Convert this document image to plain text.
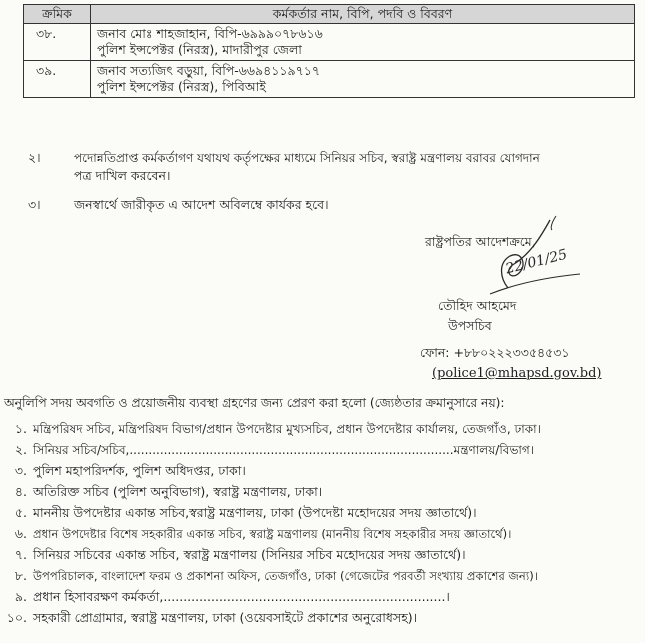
ক্রমিক	কর্মকর্তার নাম, বিপি, পদবি ও বিবরণ
৩৮.	জনাব মোঃ শাহজাহান, বিপি-৬৯৯৯০৭৮৬১৬
পুলিশ ইন্সপেক্টর (নিরস্ত্র), মাদারীপুর জেলা

৩৯.	জনাব সত্যজিৎ বড়ুয়া, বিপি-৬৬৯৪১১৯৭১৭
পুলিশ ইন্সপেক্টর (নিরস্ত্র), পিবিআই
২।	পদোন্নতিপ্রাপ্ত কর্মকর্তাগণ যথাযথ কর্তৃপক্ষের মাধ্যমে সিনিয়র সচিব, স্বরাষ্ট্র মন্ত্রণালয় বরাবর যোগদান
পত্র দাখিল করবেন।
৩।	জনস্বার্থে জারীকৃত এ আদেশ অবিলম্বে কার্যকর হবে।
রাষ্ট্রপতির আদেশক্রমে,
22/01/25
তৌহিদ আহমেদ
উপসচিব
ফোন: +৮৮০২২২৩৩৫৪৫৩১
(police1@mhapsd.gov.bd)
অনুলিপি সদয় অবগতি ও প্রয়োজনীয় ব্যবস্থা গ্রহণের জন্য প্রেরণ করা হলো (জ্যেষ্ঠতার ক্রমানুসারে নয়):
১. মন্ত্রিপরিষদ সচিব, মন্ত্রিপরিষদ বিভাগ/প্রধান উপদেষ্টার মুখ্যসচিব, প্রধান উপদেষ্টার কার্যালয়, তেজগাঁও, ঢাকা।
২. সিনিয়র সচিব/সচিব,.....................................................................................মন্ত্রণালয়/বিভাগ।
৩. পুলিশ মহাপরিদর্শক, পুলিশ অধিদপ্তর, ঢাকা।
৪. অতিরিক্ত সচিব (পুলিশ অনুবিভাগ), স্বরাষ্ট্র মন্ত্রণালয়, ঢাকা।
৫. মাননীয় উপদেষ্টার একান্ত সচিব,স্বরাষ্ট্র মন্ত্রণালয়, ঢাকা (উপদেষ্টা মহোদয়ের সদয় জ্ঞাতার্থে)।
৬. প্রধান উপদেষ্টার বিশেষ সহকারীর একান্ত সচিব, স্বরাষ্ট্র মন্ত্রণালয় (মাননীয় বিশেষ সহকারীর সদয় জ্ঞাতার্থে)।
৭. সিনিয়র সচিবের একান্ত সচিব, স্বরাষ্ট্র মন্ত্রণালয় (সিনিয়র সচিব মহোদয়ের সদয় জ্ঞাতার্থে)।
৮. উপপরিচালক, বাংলাদেশ ফরম ও প্রকাশনা অফিস, তেজগাঁও, ঢাকা (গেজেটের পরবর্তী সংখ্যায় প্রকাশের জন্য)।
৯. প্রধান হিসাবরক্ষণ কর্মকর্তা,.......................................................................।
১০. সহকারী প্রোগ্রামার, স্বরাষ্ট্র মন্ত্রণালয়, ঢাকা (ওয়েবসাইটে প্রকাশের অনুরোধসহ)।
